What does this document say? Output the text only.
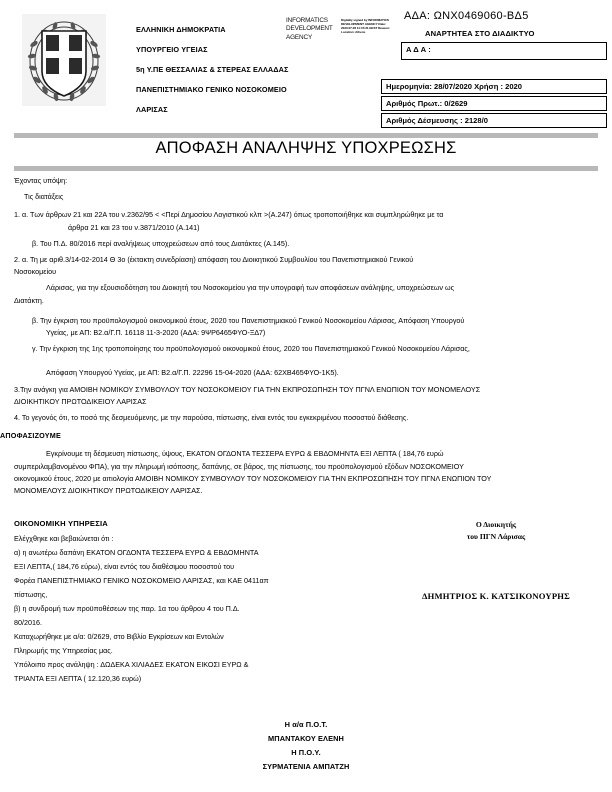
ΕΛΛΗΝΙΚΗ ΔΗΜΟΚΡΑΤΙΑ
ΥΠΟΥΡΓΕΙΟ ΥΓΕΙΑΣ
5η Υ.ΠΕ ΘΕΣΣΑΛΙΑΣ & ΣΤΕΡΕΑΣ ΕΛΛΑΔΑΣ
ΠΑΝΕΠΙΣΤΗΜΙΑΚΟ ΓΕΝΙΚΟ ΝΟΣΟΚΟΜΕΙΟ
ΛΑΡΙΣΑΣ
INFORMATICS DEVELOPMENT AGENCY
Digitally signed by INFORMATICS DEVELOPMENT AGENCY Date: 2020.07.28 11:15:31 EEST Reason: Location: Athens
ΑΔΑ: ΩΝΧ0469060-ΒΔ5
ΑΝΑΡΤΗΤΕΑ ΣΤΟ ΔΙΑΔΙΚΤΥΟ
Α Δ Α :
Ημερομηνία: 28/07/2020 Χρήση : 2020
Αριθμός Πρωτ.: 0/2629
Αριθμός Δέσμευσης : 2128/0
ΑΠΟΦΑΣΗ ΑΝΑΛΗΨΗΣ ΥΠΟΧΡΕΩΣΗΣ

Έχοντας υπόψη:

Τις διατάξεις

1. α. Των άρθρων 21 και 22Α του ν.2362/95 < <Περί Δημοσίου Λογιστικού κλπ >(Α.247) όπως τροποποιήθηκε και συμπληρώθηκε με τα

άρθρα 21 και 23 του ν.3871/2010 (Α.141)

β. Του Π.Δ. 80/2016 περί αναλήψεως υποχρεώσεων από τους Διατάκτες (Α.145).

2. α. Τη με αριθ.3/14-02-2014 Θ 3ο (έκτακτη συνεδρίαση) απόφαση του Διοικητικού Συμβουλίου του Πανεπιστημιακού Γενικού

Νοσοκομείου

Λάρισας, για την εξουσιοδότηση του Διοικητή του Νοσοκομείου για την υπογραφή των αποφάσεων ανάληψης, υποχρεώσεων ως

Διατάκτη.

β. Την έγκριση του προϋπολογισμού οικονομικού έτους, 2020 του Πανεπιστημιακού Γενικού Νοσοκομείου Λάρισας, Απόφαση Υπουργού

Υγείας, με ΑΠ: Β2.α/Γ.Π. 16118 11-3-2020 (ΑΔΑ: 9ΨΡ6465ΦΥΟ-Ξ∆7)

γ. Την έγκριση της 1ης τροποποίησης του προϋπολογισμού οικονομικού έτους, 2020 του Πανεπιστημιακού Γενικού Νοσοκομείου Λάρισας,

Απόφαση Υπουργού Υγείας, με ΑΠ: Β2.α/Γ.Π. 22296 15-04-2020 (ΑΔΑ: 62ΧΒ465ΦΥΟ-1Κ5).

3.Την ανάγκη για ΑΜΟΙΒΗ ΝΟΜΙΚΟΥ ΣΥΜΒΟΥΛΟΥ ΤΟΥ ΝΟΣΟΚΟΜΕΙΟΥ ΓΙΑ ΤΗΝ ΕΚΠΡΟΣΩΠΗΣΗ ΤΟΥ ΠΓΝΛ ΕΝΩΠΙΟΝ ΤΟΥ ΜΟΝΟΜΕΛΟΥΣ

ΔΙΟΙΚΗΤΙΚΟΥ ΠΡΩΤΟΔΙΚΕΙΟΥ ΛΑΡΙΣΑΣ

4. Το γεγονός ότι, το ποσό της δεσμευόμενης, με την παρούσα, πίστωσης, είναι εντός του εγκεκριμένου ποσοστού διάθεσης.

ΑΠΟΦΑΣΙΖΟΥΜΕ

Εγκρίνουμε τη δέσμευση πίστωσης, ύψους, ΕΚΑΤΟΝ ΟΓΔΟΝΤΑ ΤΕΣΣΕΡΑ ΕΥΡΩ & ΕΒΔΟΜΗΝΤΑ ΕΞΙ ΛΕΠΤΑ ( 184,76 ευρώ

συμπεριλαμβανομένου ΦΠΑ), για την πληρωμή ισόποσης, δαπάνης, σε βάρος, της πίστωσης, του προϋπολογισμού εξόδων ΝΟΣΟΚΟΜΕΙΟΥ

οικονομικού έτους, 2020 με αιτιολογία ΑΜΟΙΒΗ ΝΟΜΙΚΟΥ ΣΥΜΒΟΥΛΟΥ ΤΟΥ ΝΟΣΟΚΟΜΕΙΟΥ ΓΙΑ ΤΗΝ ΕΚΠΡΟΣΩΠΗΣΗ ΤΟΥ ΠΓΝΛ ΕΝΩΠΙΟΝ ΤΟΥ

ΜΟΝΟΜΕΛΟΥΣ ΔΙΟΙΚΗΤΙΚΟΥ ΠΡΩΤΟΔΙΚΕΙΟΥ ΛΑΡΙΣΑΣ.

ΟΙΚΟΝΟΜΙΚΗ ΥΠΗΡΕΣΙΑ
Ελέγχθηκε και βεβαιώνεται ότι :
α) η ανωτέρω δαπάνη ΕΚΑΤΟΝ ΟΓΔΟΝΤΑ ΤΕΣΣΕΡΑ ΕΥΡΩ & ΕΒΔΟΜΗΝΤΑ
ΕΞΙ ΛΕΠΤΑ,( 184,76 εύρω), είναι εντός του διαθέσιμου ποσοστού του
Φορέα ΠΑΝΕΠΙΣΤΗΜΙΑΚΟ ΓΕΝΙΚΟ ΝΟΣΟΚΟΜΕΙΟ ΛΑΡΙΣΑΣ, και ΚΑΕ 0411απ
πίστωσης,
β) η συνδρομή των προϋποθέσεων της παρ. 1α του άρθρου 4 του Π.Δ.
80/2016.
Καταχωρήθηκε με α/α: 0/2629, στο Βιβλίο Εγκρίσεων και Εντολών
Πληρωμής της Υπηρεσίας μας.
Υπόλοιπο προς ανάληψη : ΔΩΔΕΚΑ ΧΙΛΙΑΔΕΣ ΕΚΑΤΟΝ ΕΙΚΟΣΙ ΕΥΡΩ &
ΤΡΙΑΝΤΑ ΕΞΙ ΛΕΠΤΑ ( 12.120,36 ευρώ)
Ο Διοικητής
του ΠΓΝ Λάρισας
ΔΗΜΗΤΡΙΟΣ Κ. ΚΑΤΣΙΚΟΝΟΥΡΗΣ
Η α/α Π.Ο.Τ.
ΜΠΑΝΤΑΚΟΥ ΕΛΕΝΗ
Η Π.Ο.Υ.
ΣΥΡΜΑΤΕΝΙΑ ΑΜΠΑΤΖΗ
